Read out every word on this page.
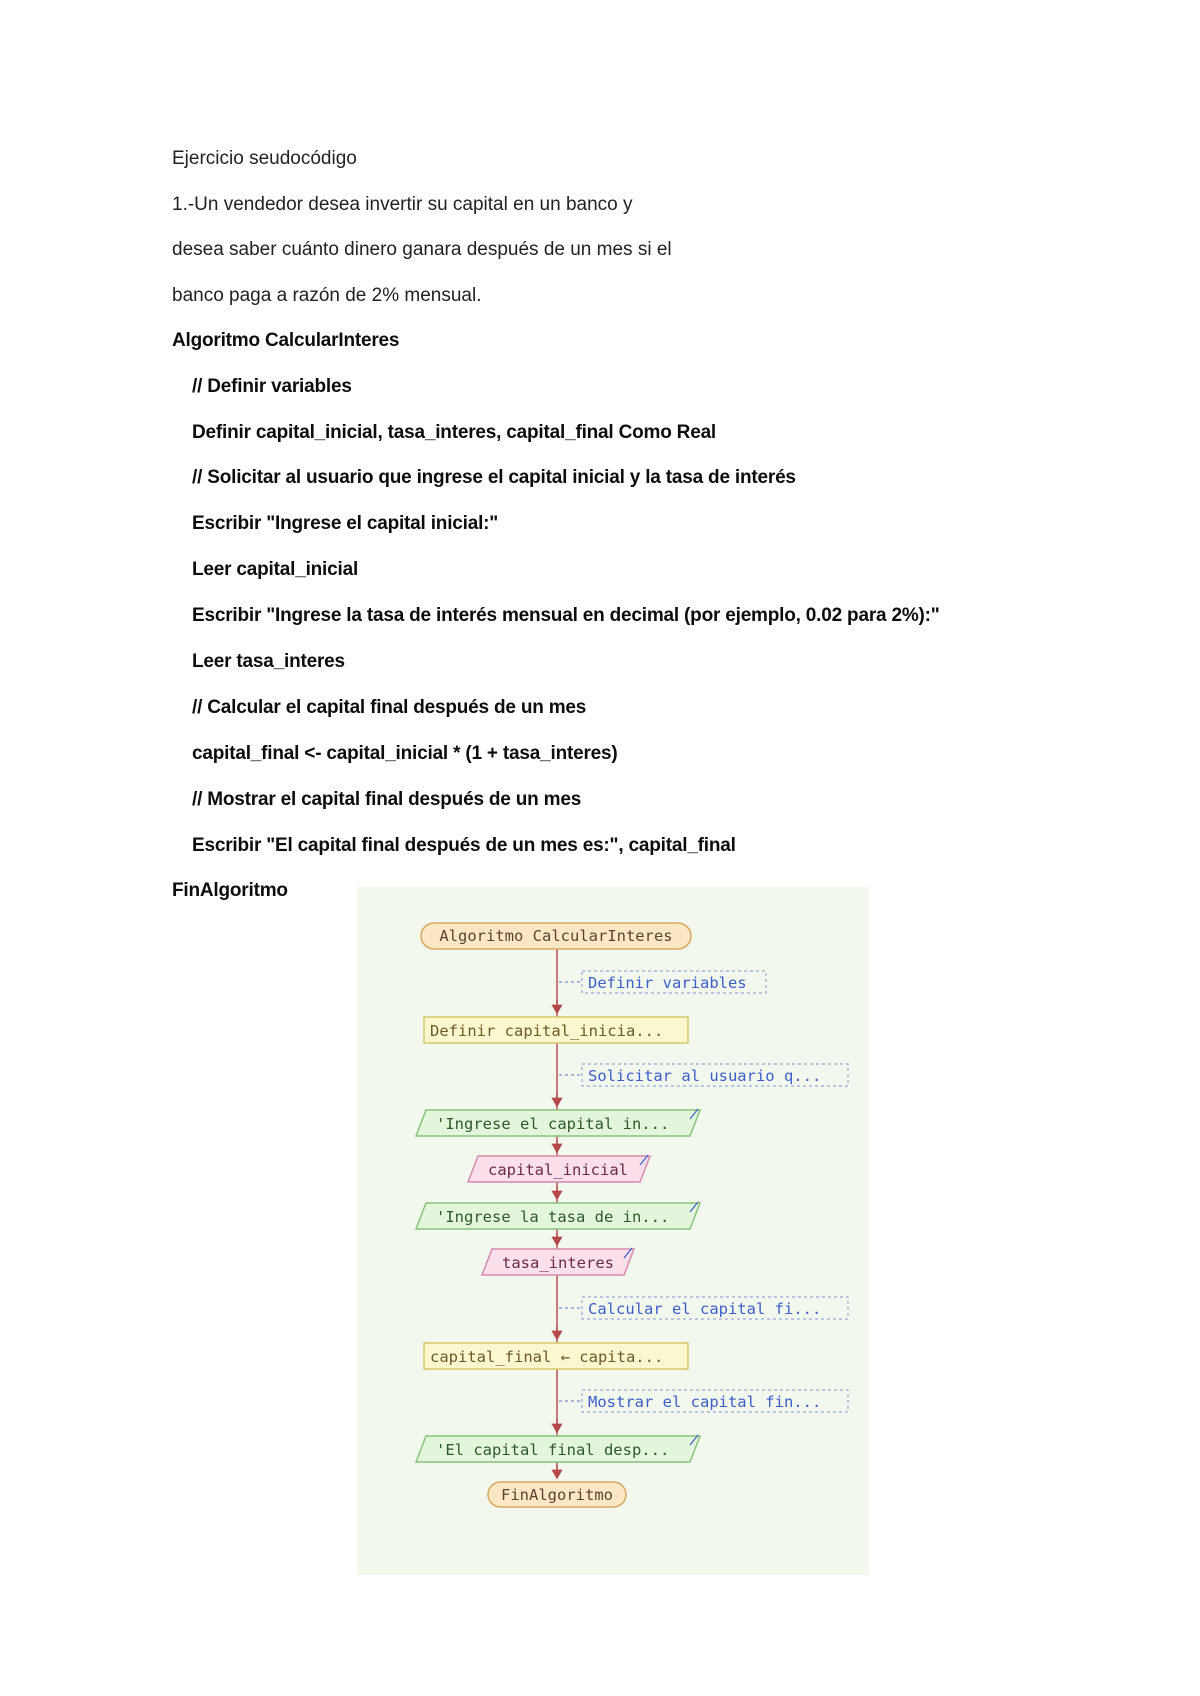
Ejercicio seudocódigo
1.-Un vendedor desea invertir su capital en un banco y
desea saber cuánto dinero ganara después de un mes si el
banco paga a razón de 2% mensual.
Algoritmo CalcularInteres
// Definir variables
Definir capital_inicial, tasa_interes, capital_final Como Real
// Solicitar al usuario que ingrese el capital inicial y la tasa de interés
Escribir "Ingrese el capital inicial:"
Leer capital_inicial
Escribir "Ingrese la tasa de interés mensual en decimal (por ejemplo, 0.02 para 2%):"
Leer tasa_interes
// Calcular el capital final después de un mes
capital_final <- capital_inicial * (1 + tasa_interes)
// Mostrar el capital final después de un mes
Escribir "El capital final después de un mes es:", capital_final
FinAlgoritmo
Algoritmo CalcularInteres
Definir variables
Definir capital_inicia...
Solicitar al usuario q...
'Ingrese el capital in...
capital_inicial
'Ingrese la tasa de in...
tasa_interes
Calcular el capital fi...
capital_final ← capita...
Mostrar el capital fin...
'El capital final desp...
FinAlgoritmo
